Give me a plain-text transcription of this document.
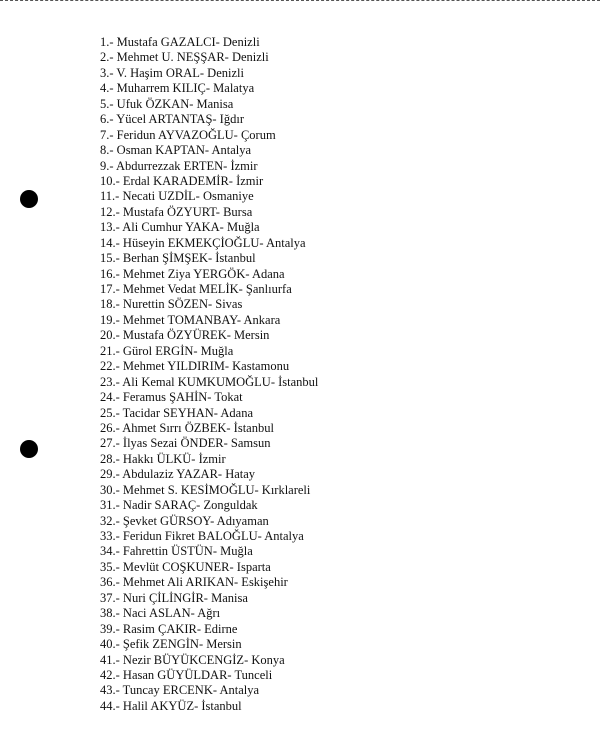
1.- Mustafa GAZALCI- Denizli
2.- Mehmet U. NEŞŞAR- Denizli
3.- V. Haşim ORAL- Denizli
4.- Muharrem KILIÇ- Malatya
5.- Ufuk ÖZKAN- Manisa
6.- Yücel ARTANTAŞ- Iğdır
7.- Feridun AYVAZOĞLU- Çorum
8.- Osman KAPTAN- Antalya
9.- Abdurrezzak ERTEN- İzmir
10.- Erdal KARADEMİR- İzmir
11.- Necati UZDİL- Osmaniye
12.- Mustafa ÖZYURT- Bursa
13.- Ali Cumhur YAKA- Muğla
14.- Hüseyin EKMEKÇİOĞLU- Antalya
15.- Berhan ŞİMŞEK- İstanbul
16.- Mehmet Ziya YERGÖK- Adana
17.- Mehmet Vedat MELİK- Şanlıurfa
18.- Nurettin SÖZEN- Sivas
19.- Mehmet TOMANBAY- Ankara
20.- Mustafa ÖZYÜREK- Mersin
21.- Gürol ERGİN- Muğla
22.- Mehmet YILDIRIM- Kastamonu
23.- Ali Kemal KUMKUMOĞLU- İstanbul
24.- Feramus ŞAHİN- Tokat
25.- Tacidar SEYHAN- Adana
26.- Ahmet Sırrı ÖZBEK- İstanbul
27.- İlyas Sezai ÖNDER- Samsun
28.- Hakkı ÜLKÜ- İzmir
29.- Abdulaziz YAZAR- Hatay
30.- Mehmet S. KESİMOĞLU- Kırklareli
31.- Nadir SARAÇ- Zonguldak
32.- Şevket GÜRSOY- Adıyaman
33.- Feridun Fikret BALOĞLU- Antalya
34.- Fahrettin ÜSTÜN- Muğla
35.- Mevlüt COŞKUNER- Isparta
36.- Mehmet Ali ARIKAN- Eskişehir
37.- Nuri ÇİLİNGİR- Manisa
38.- Naci ASLAN- Ağrı
39.- Rasim ÇAKIR- Edirne
40.- Şefik ZENGİN- Mersin
41.- Nezir BÜYÜKCENGİZ- Konya
42.- Hasan GÜYÜLDAR- Tunceli
43.- Tuncay ERCENK- Antalya
44.- Halil AKYÜZ- İstanbul
